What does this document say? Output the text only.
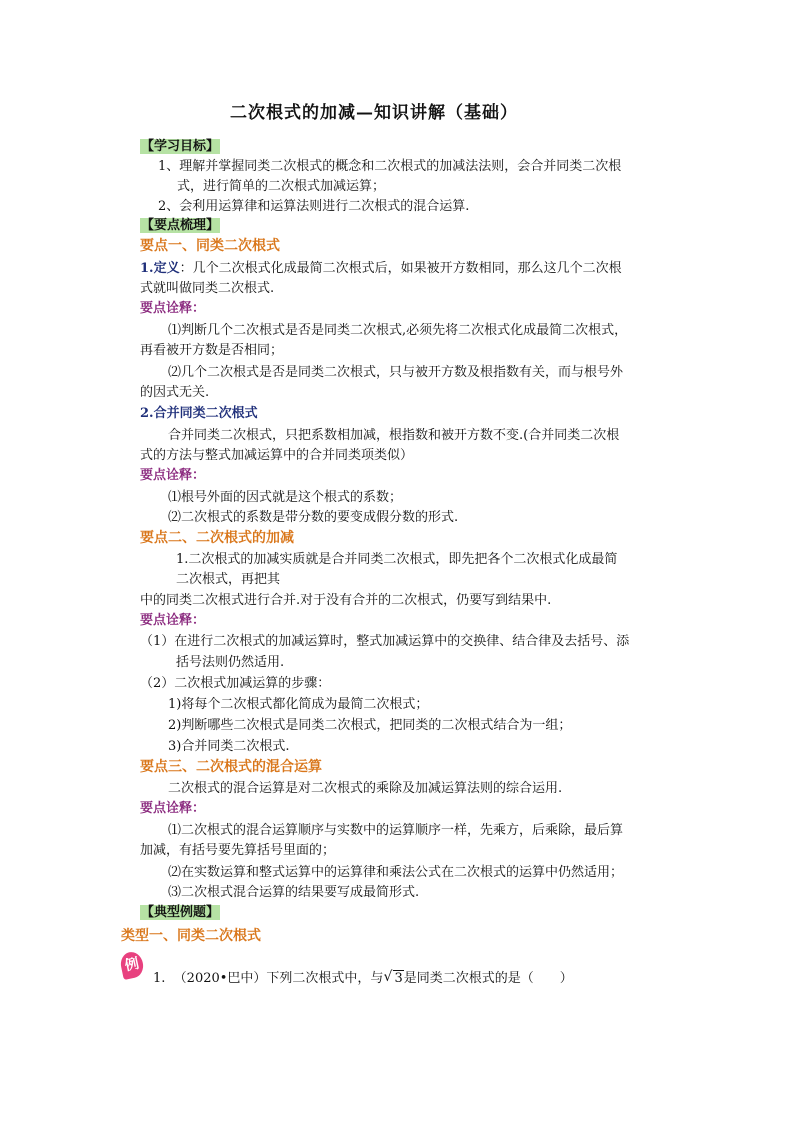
二次根式的加减—知识讲解（基础）
【学习目标】
1、理解并掌握同类二次根式的概念和二次根式的加减法法则，会合并同类二次根
式，进行简单的二次根式加减运算；
2、会利用运算律和运算法则进行二次根式的混合运算.
【要点梳理】
要点一、同类二次根式
1.定义：几个二次根式化成最简二次根式后，如果被开方数相同，那么这几个二次根
式就叫做同类二次根式.
要点诠释：
⑴判断几个二次根式是否是同类二次根式,必须先将二次根式化成最简二次根式，
再看被开方数是否相同；
⑵几个二次根式是否是同类二次根式，只与被开方数及根指数有关，而与根号外
的因式无关.
2.合并同类二次根式
合并同类二次根式，只把系数相加减，根指数和被开方数不变.(合并同类二次根
式的方法与整式加减运算中的合并同类项类似）
要点诠释：
⑴根号外面的因式就是这个根式的系数；
⑵二次根式的系数是带分数的要变成假分数的形式.
要点二、二次根式的加减
1.二次根式的加减实质就是合并同类二次根式，即先把各个二次根式化成最简
二次根式，再把其
中的同类二次根式进行合并.对于没有合并的二次根式，仍要写到结果中.
要点诠释：
（1）在进行二次根式的加减运算时，整式加减运算中的交换律、结合律及去括号、添
括号法则仍然适用.
（2）二次根式加减运算的步骤：
1)将每个二次根式都化简成为最简二次根式；
2)判断哪些二次根式是同类二次根式，把同类的二次根式结合为一组；
3)合并同类二次根式.
要点三、二次根式的混合运算
二次根式的混合运算是对二次根式的乘除及加减运算法则的综合运用.
要点诠释：
⑴二次根式的混合运算顺序与实数中的运算顺序一样，先乘方，后乘除，最后算
加减，有括号要先算括号里面的；
⑵在实数运算和整式运算中的运算律和乘法公式在二次根式的运算中仍然适用；
⑶二次根式混合运算的结果要写成最简形式.
【典型例题】
类型一、同类二次根式
例
1. （2020•巴中）下列二次根式中，与 √ 3是同类二次根式的是（　　）
